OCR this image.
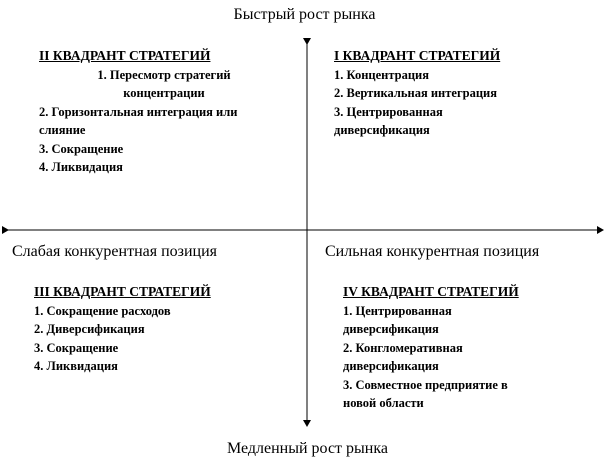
Быстрый рост рынка
Медленный рост рынка
Слабая конкурентная позиция	Сильная конкурентная позиция
II КВАДРАНТ СТРАТЕГИЙ
1. Пересмотр стратегий
концентрации
2. Горизонтальная интеграция или
слияние
3. Сокращение
4. Ликвидация
I КВАДРАНТ СТРАТЕГИЙ
1. Концентрация
2. Вертикальная интеграция
3. Центрированная
диверсификация
III КВАДРАНТ СТРАТЕГИЙ
1. Сокращение расходов
2. Диверсификация
3. Сокращение
4. Ликвидация
IV КВАДРАНТ СТРАТЕГИЙ
1. Центрированная
диверсификация
2. Конгломеративная
диверсификация
3. Совместное предприятие в
новой области
